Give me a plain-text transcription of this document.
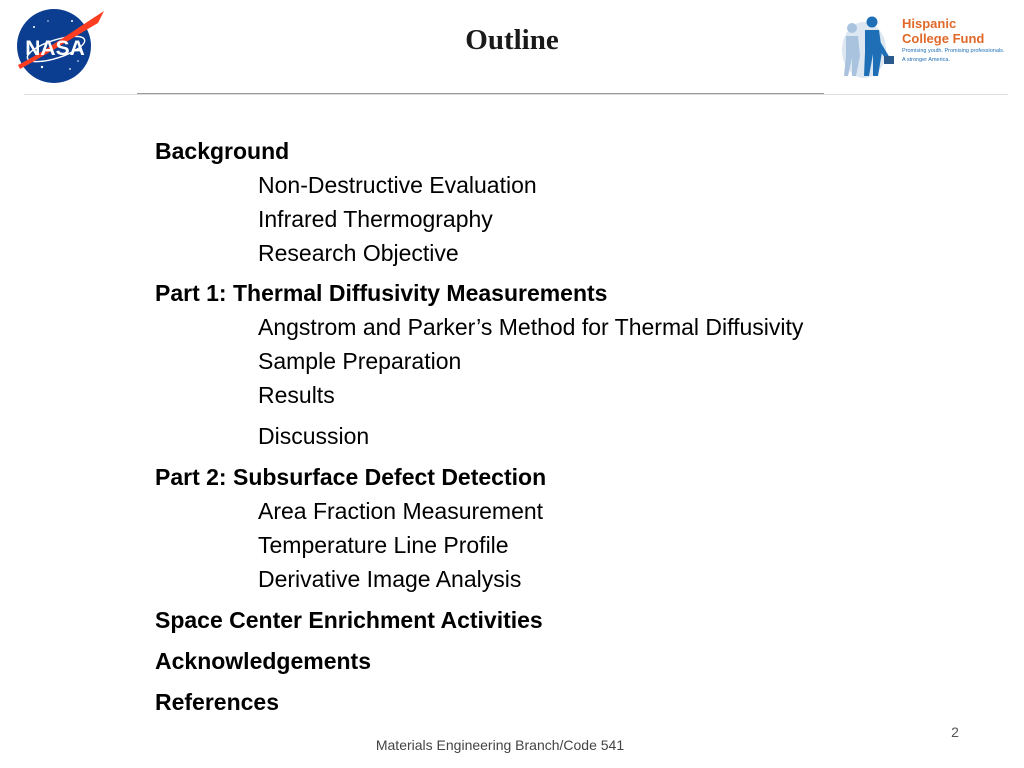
NASA	Outline
Hispanic
College Fund
Promising youth. Promising professionals.
A stronger America.
Background
Non-Destructive Evaluation
Infrared Thermography
Research Objective
Part 1: Thermal Diffusivity Measurements
Angstrom and Parker’s Method for Thermal Diffusivity
Sample Preparation
Results
Discussion
Part 2: Subsurface Defect Detection
Area Fraction Measurement
Temperature Line Profile
Derivative Image Analysis
Space Center Enrichment Activities
Acknowledgements
References
2
Materials Engineering Branch/Code 541
